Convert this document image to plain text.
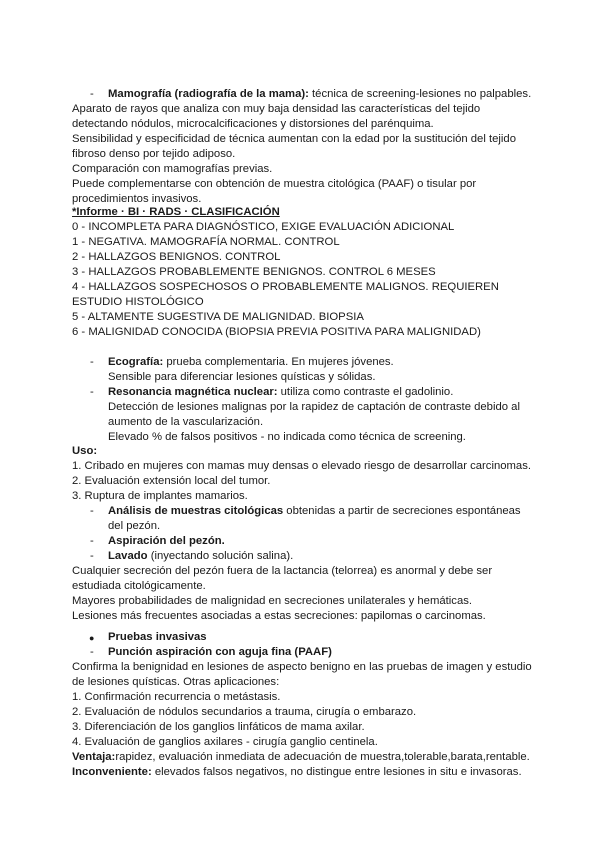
- Mamografía (radiografía de la mama): técnica de screening-lesiones no palpables.
Aparato de rayos que analiza con muy baja densidad las características del tejido
detectando nódulos, microcalcificaciones y distorsiones del parénquima.
Sensibilidad y especificidad de técnica aumentan con la edad por la sustitución del tejido
fibroso denso por tejido adiposo.
Comparación con mamografías previas.
Puede complementarse con obtención de muestra citológica (PAAF) o tisular por
procedimientos invasivos.
*Informe · BI · RADS · CLASIFICACIÓN
0 - INCOMPLETA PARA DIAGNÓSTICO, EXIGE EVALUACIÓN ADICIONAL
1 - NEGATIVA. MAMOGRAFÍA NORMAL. CONTROL
2 - HALLAZGOS BENIGNOS. CONTROL
3 - HALLAZGOS PROBABLEMENTE BENIGNOS. CONTROL 6 MESES
4 - HALLAZGOS SOSPECHOSOS O PROBABLEMENTE MALIGNOS. REQUIEREN
ESTUDIO HISTOLÓGICO
5 - ALTAMENTE SUGESTIVA DE MALIGNIDAD. BIOPSIA
6 - MALIGNIDAD CONOCIDA (BIOPSIA PREVIA POSITIVA PARA MALIGNIDAD)
- Ecografía: prueba complementaria. En mujeres jóvenes.
Sensible para diferenciar lesiones quísticas y sólidas.
- Resonancia magnética nuclear: utiliza como contraste el gadolinio.
Detección de lesiones malignas por la rapidez de captación de contraste debido al
aumento de la vascularización.
Elevado % de falsos positivos - no indicada como técnica de screening.
Uso:
1. Cribado en mujeres con mamas muy densas o elevado riesgo de desarrollar carcinomas.
2. Evaluación extensión local del tumor.
3. Ruptura de implantes mamarios.
- Análisis de muestras citológicas obtenidas a partir de secreciones espontáneas
del pezón.
- Aspiración del pezón.
- Lavado (inyectando solución salina).
Cualquier secreción del pezón fuera de la lactancia (telorrea) es anormal y debe ser
estudiada citológicamente.
Mayores probabilidades de malignidad en secreciones unilaterales y hemáticas.
Lesiones más frecuentes asociadas a estas secreciones: papilomas o carcinomas.
● Pruebas invasivas
- Punción aspiración con aguja fina (PAAF)
Confirma la benignidad en lesiones de aspecto benigno en las pruebas de imagen y estudio
de lesiones quísticas. Otras aplicaciones:
1. Confirmación recurrencia o metástasis.
2. Evaluación de nódulos secundarios a trauma, cirugía o embarazo.
3. Diferenciación de los ganglios linfáticos de mama axilar.
4. Evaluación de ganglios axilares - cirugía ganglio centinela.
Ventaja:rapidez, evaluación inmediata de adecuación de muestra,tolerable,barata,rentable.
Inconveniente: elevados falsos negativos, no distingue entre lesiones in situ e invasoras.
